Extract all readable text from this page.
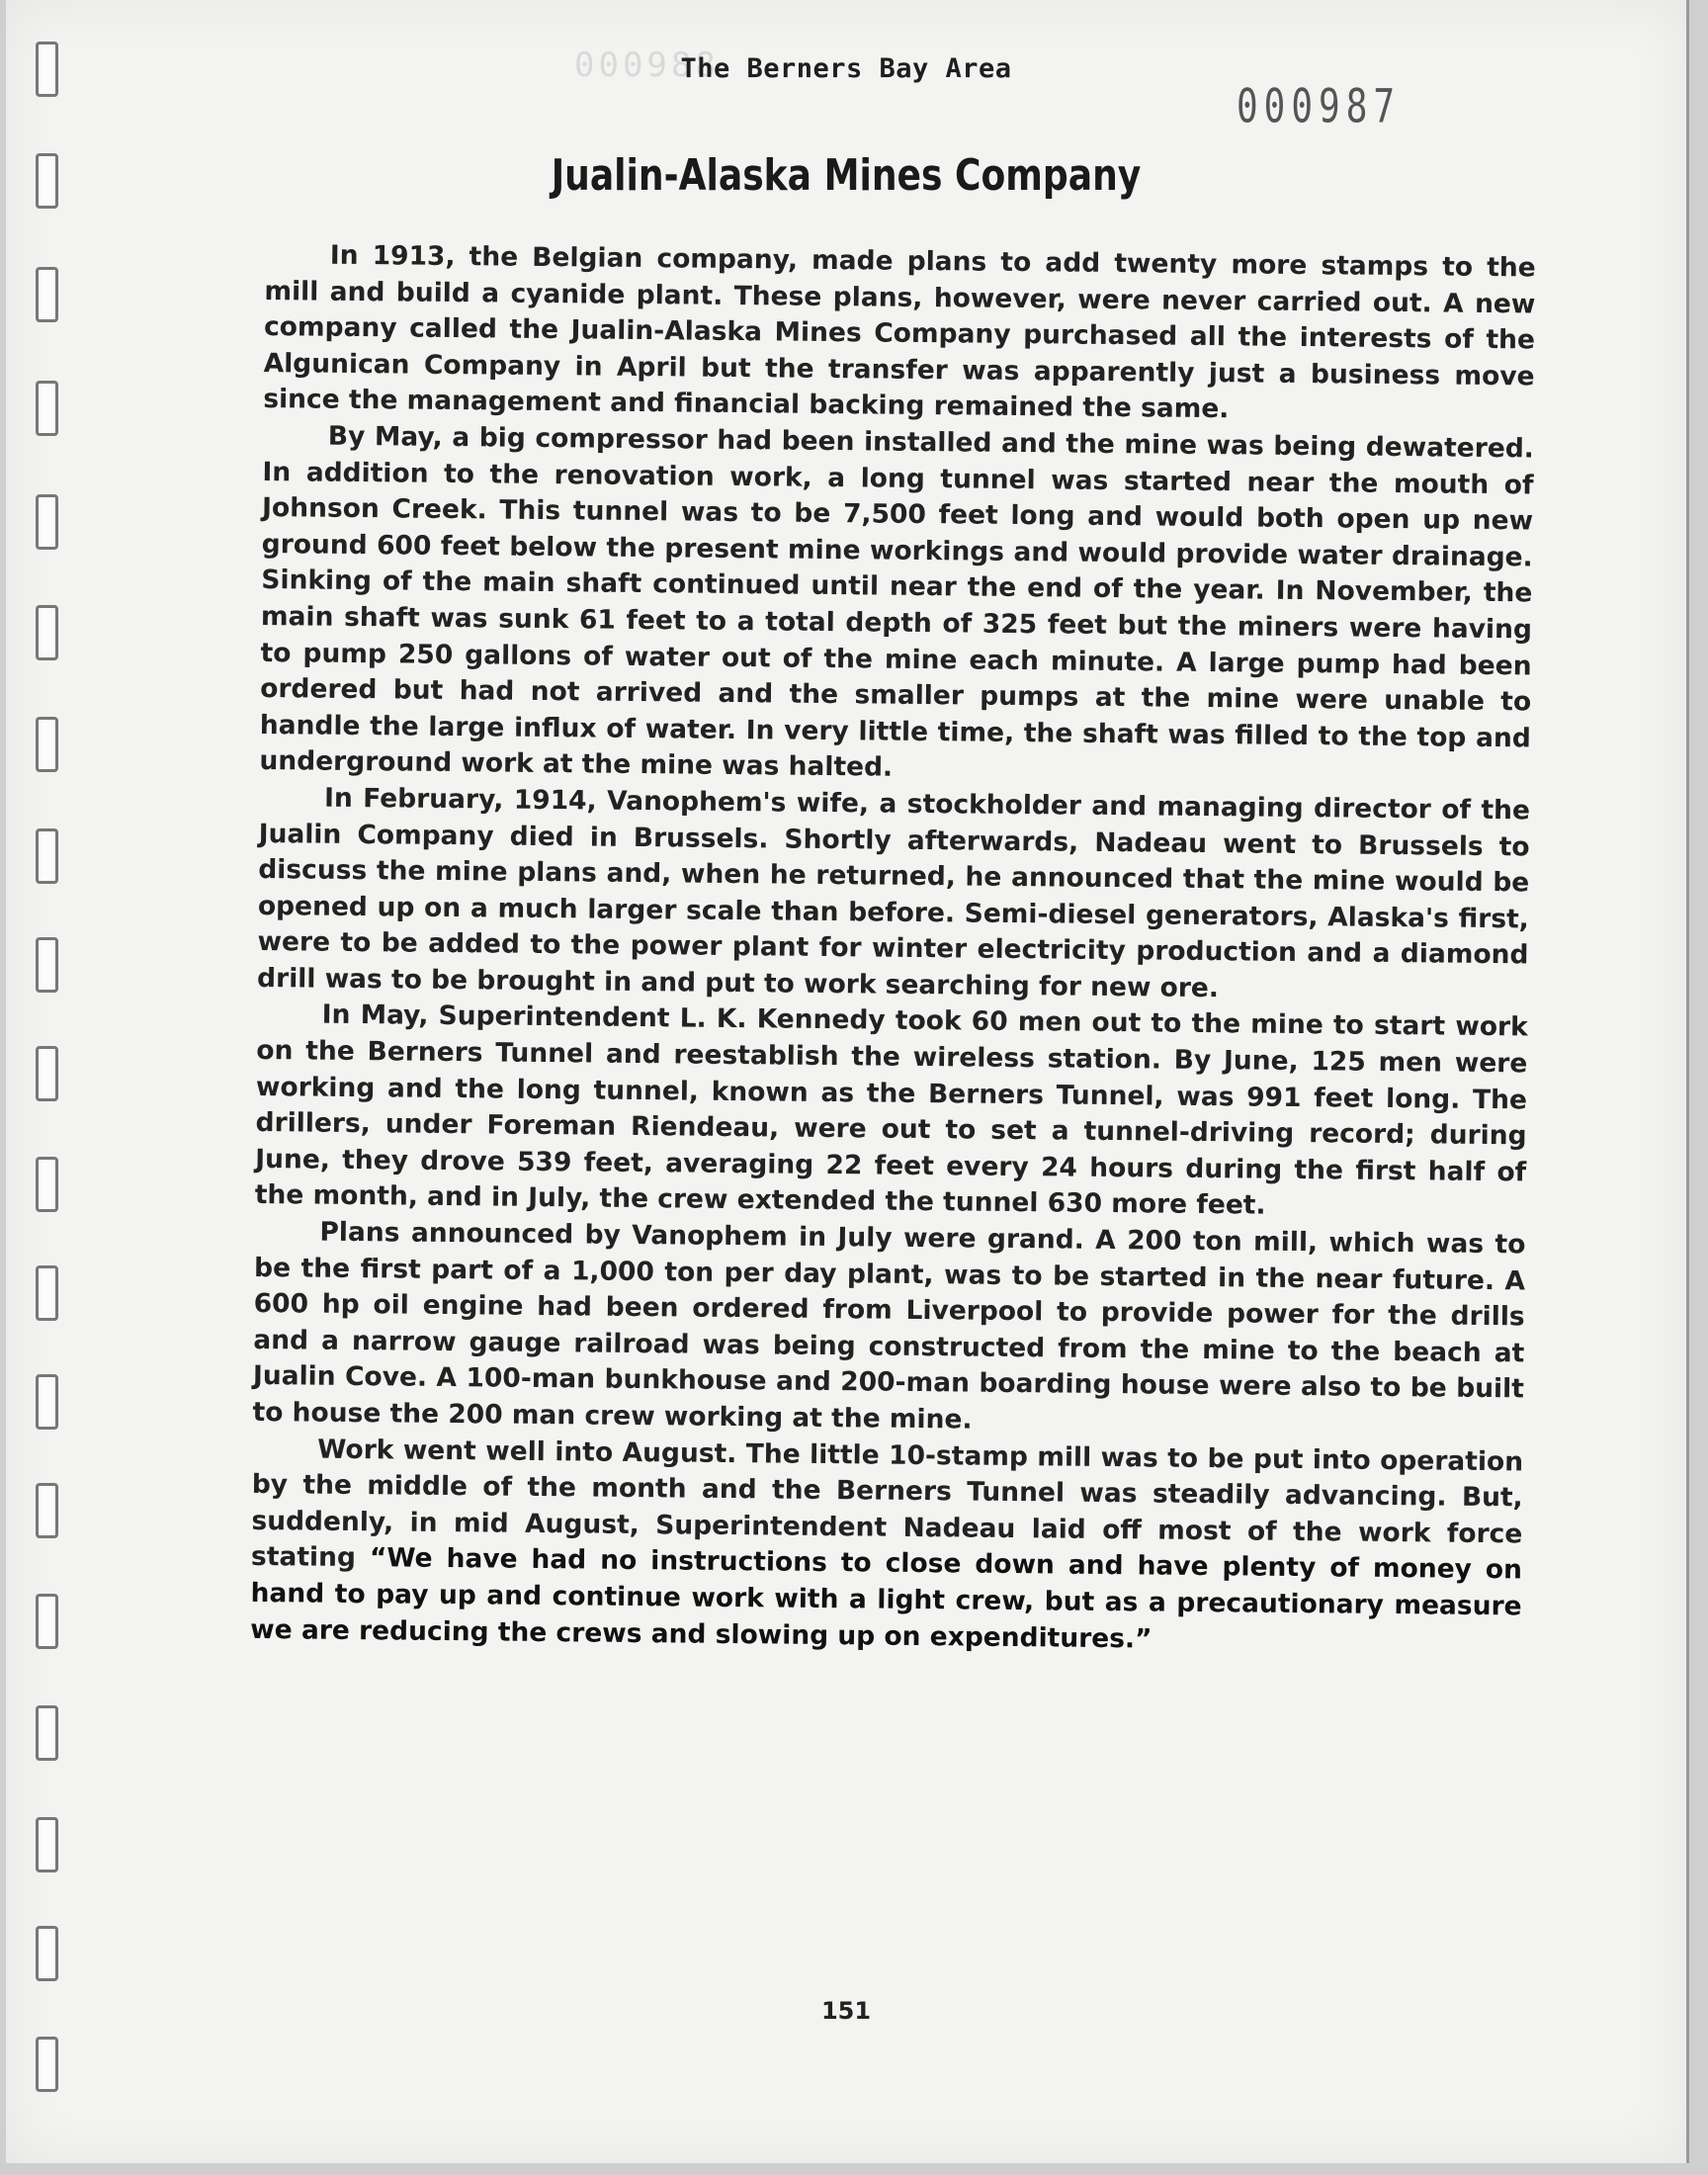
000988
The Berners Bay Area
000987
Jualin-Alaska Mines Company

In 1913, the Belgian company, made plans to add twenty more stamps to the mill and build a cyanide plant. These plans, however, were never carried out. A new company called the Jualin-Alaska Mines Company purchased all the interests of the Algunican Company in April but the transfer was apparently just a business move since the management and financial backing remained the same.

By May, a big compressor had been installed and the mine was being dewatered. In addition to the renovation work, a long tunnel was started near the mouth of Johnson Creek. This tunnel was to be 7,500 feet long and would both open up new ground 600 feet below the present mine workings and would provide water drainage. Sinking of the main shaft continued until near the end of the year. In November, the main shaft was sunk 61 feet to a total depth of 325 feet but the miners were having to pump 250 gallons of water out of the mine each minute. A large pump had been ordered but had not arrived and the smaller pumps at the mine were unable to handle the large influx of water. In very little time, the shaft was filled to the top and underground work at the mine was halted.

In February, 1914, Vanophem's wife, a stockholder and managing director of the Jualin Company died in Brussels. Shortly afterwards, Nadeau went to Brussels to discuss the mine plans and, when he returned, he announced that the mine would be opened up on a much larger scale than before. Semi-diesel generators, Alaska's first, were to be added to the power plant for winter electricity production and a diamond drill was to be brought in and put to work searching for new ore.

In May, Superintendent L. K. Kennedy took 60 men out to the mine to start work on the Berners Tunnel and reestablish the wireless station. By June, 125 men were working and the long tunnel, known as the Berners Tunnel, was 991 feet long. The drillers, under Foreman Riendeau, were out to set a tunnel-driving record; during June, they drove 539 feet, averaging 22 feet every 24 hours during the first half of the month, and in July, the crew extended the tunnel 630 more feet.

Plans announced by Vanophem in July were grand. A 200 ton mill, which was to be the first part of a 1,000 ton per day plant, was to be started in the near future. A 600 hp oil engine had been ordered from Liverpool to provide power for the drills and a narrow gauge railroad was being constructed from the mine to the beach at Jualin Cove. A 100-man bunkhouse and 200-man boarding house were also to be built to house the 200 man crew working at the mine.

Work went well into August. The little 10-stamp mill was to be put into operation by the middle of the month and the Berners Tunnel was steadily advancing. But, suddenly, in mid August, Superintendent Nadeau laid off most of the work force stating “We have had no instructions to close down and have plenty of money on hand to pay up and continue work with a light crew, but as a precautionary measure we are reducing the crews and slowing up on expenditures.”

151
